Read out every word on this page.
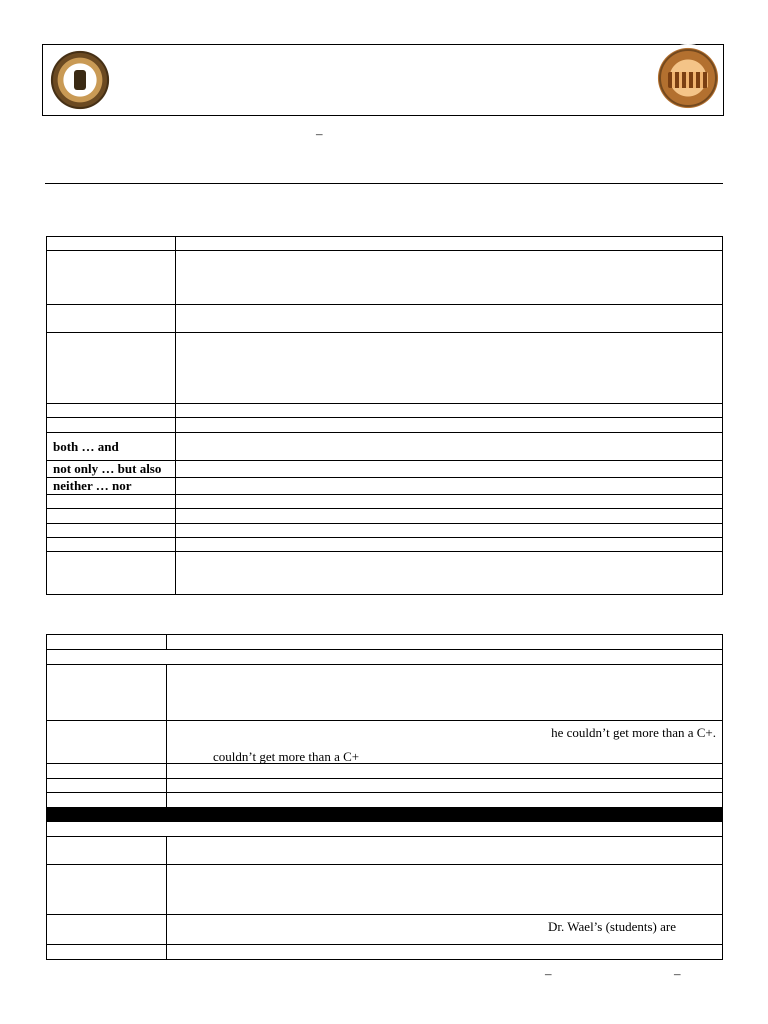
–

both … and	
not only … but also	
neither … nor	

	he couldn’t get more than a C+.
couldn’t get more than a C+

	Dr. Wael’s (students) are

–	–
